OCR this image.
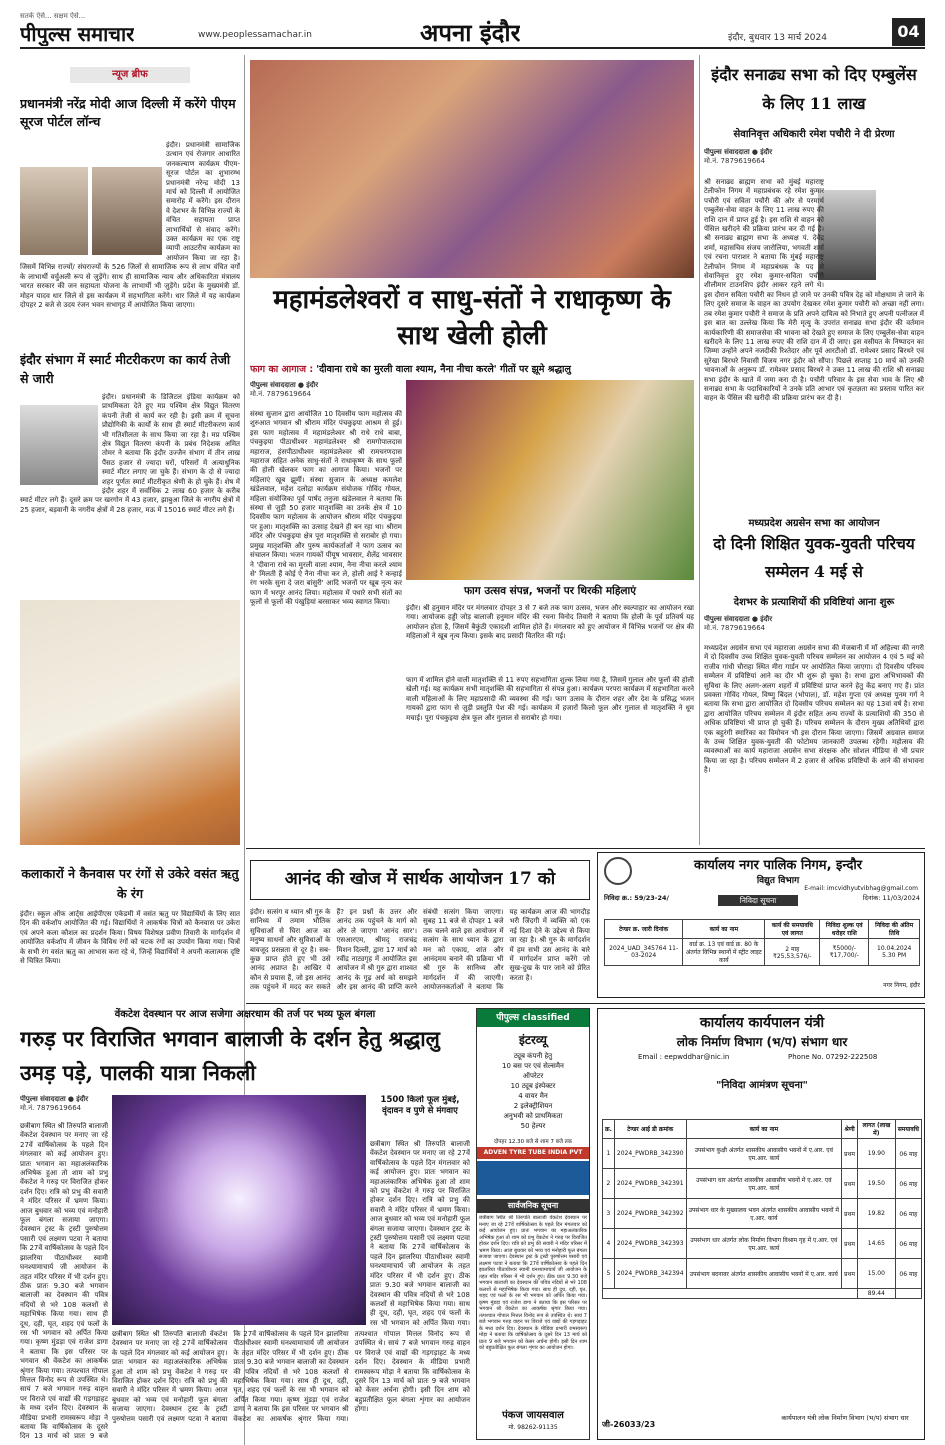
सतर्क ऐसे... सक्षम ऐसे...
पीपुल्स समाचार	www.peoplessamachar.in	अपना इंदौर	इंदौर, बुधवार 13 मार्च 2024	04
न्यूज ब्रीफ
प्रधानमंत्री नरेंद्र मोदी आज दिल्ली में करेंगे पीएम सूरज पोर्टल लॉन्च
इंदौर। प्रधानमंत्री सामाजिक उत्थान एवं रोजगार आधारित जनकल्याण कार्यक्रम पीएम-सूरज पोर्टल का शुभारम्भ प्रधानमंत्री नरेन्द्र मोदी 13 मार्च को दिल्ली में आयोजित समारोह में करेंगे। इस दौरान वे देशभर के विभिन्न राज्यों के वंचित सहायता प्राप्त लाभार्थियों से संवाद करेंगे। उक्त कार्यक्रम का एक राष्ट्र व्यापी आउटरीच कार्यक्रम का आयोजन किया जा रहा है। जिसमें विभिन्न राज्यों/ संघराज्यों के 526 जिलों से सामाजिक रूप से लाभ वंचित वर्गों के लाभार्थी वर्चुअली रूप से जुड़ेंगे। साथ ही सामाजिक न्याय और अधिकारिता मंत्रालय भारत सरकार की जन सहायता योजना के लाभार्थी भी जुड़ेंगे। प्रदेश के मुख्यमंत्री डॉ. मोहन यादव धार जिले से इस कार्यक्रम में सहभागिता करेंगे। धार जिले में यह कार्यक्रम दोपहर 2 बजे से उदय रंजन भवन सभागृह में आयोजित किया जाएगा।
इंदौर संभाग में स्मार्ट मीटरीकरण का कार्य तेजी से जारी
इंदौर। प्रधानमंत्री के डिजिटल इंडिया कार्यक्रम को प्राथमिकता देते हुए मप्र पश्चिम क्षेत्र विद्युत वितरण कंपनी तेजी से कार्य कर रही है। इसी क्रम में सूचना प्रौद्योगिकी के कार्यों के साथ ही स्मार्ट मीटरीकरण कार्य भी गतिशीलता के साथ किया जा रहा है। मप्र पश्चिम क्षेत्र विद्युत वितरण कंपनी के प्रबंध निदेशक अमित तोमर ने बताया कि इंदौर उज्जैन संभाग में तीन लाख पैंसठ हजार से ज्यादा घरों, परिसरों में अत्याधुनिक स्मार्ट मीटर लगाए जा चुके हैं। संभाग के दो से ज्यादा शहर पूर्णतः स्मार्ट मीटरीकृत श्रेणी के हो चुके हैं। शेष में इंदौर शहर में सर्वाधिक 2 लाख 60 हजार के करीब स्मार्ट मीटर लगे हैं। दूसरे क्रम पर खरगोन में 43 हजार, झाबुआ जिले के नगरीय क्षेत्रों में 25 हजार, बड़वानी के नगरीय क्षेत्रों में 28 हजार, मऊ में 15016 स्मार्ट मीटर लगे हैं।
कलाकारों ने कैनवास पर रंगों से उकेरे वसंत ऋतु के रंग
इंदौर। स्कूल ऑफ आर्ट्स आईपीएस एकेडमी में वसंत ऋतु पर विद्यार्थियों के लिए सात दिन की वर्कशॉप आयोजित की गई। विद्यार्थियों ने आकर्षक चित्रों को कैनवास पर उकेरा एवं अपने कला कौशल का प्रदर्शन किया। विषय विशेषज्ञ प्रवीण तिवारी के मार्गदर्शन में आयोजित वर्कशॉप में जीवन के विविध रंगों को चटक रंगों का उपयोग किया गया। चित्रों के सभी रंग वसंत ऋतु का आभास करा रहे थे, जिन्हें विद्यार्थियों ने अपनी कलात्मक दृष्टि से चित्रित किया।
महामंडलेश्वरों व साधु-संतों ने राधाकृष्ण के साथ खेली होली
फाग का आगाज : 'दीवाना राधे का मुरली वाला श्याम, नैना नीचा करले' गीतों पर झूमे श्रद्धालु
पीपुल्स संवाददाता ● इंदौर
मो.नं. 7879619664
संस्था सुजान द्वारा आयोजित 10 दिवसीय फाग महोत्सव की शुरुआत भगवान श्री श्रीराम मंदिर पंचकुइया आश्रम से हुई। इस फाग महोत्सव में महामंडलेश्वर श्री राधे राधे बाबा, पंचकुइया पीठाधीश्वर महामंडलेश्वर श्री रामगोपालदास महाराज, हंसपीठाधीश्वर महामंडलेश्वर श्री रामचरणदास महाराज सहित अनेक साधु-संतों ने राधाकृष्ण के साथ फूलों की होली खेलकर फाग का आगाज किया। भजनों पर महिलाएं खूब झूमीं। संस्था सुजान के अध्यक्ष कमलेश खंडेलवाल, महेश दलोद्रा कार्यक्रम संयोजक गोविंद गोयल, महिला संयोजिका पूर्व पार्षद तनुजा खंडेलवाल ने बताया कि संस्था से जुड़ी 50 हजार मातृशक्ति का उनके क्षेत्र में 10 दिवसीय फाग महोत्सव के आयोजन श्रीराम मंदिर पंचकुइया पर हुआ। मातृशक्ति का उत्साह देखने ही बन रहा था। श्रीराम मंदिर और पंचकुइया क्षेत्र पूरा मातृशक्ति से सराबोर हो गया। प्रमुख मातृशक्ति और पुरुष कार्यकर्ताओं ने फाग उत्सव का संचालन किया। भजन गायकों पीयूष भावसार, शैलेंद्र भावसार ने 'दीवाना राधे का मुरली वाला श्याम, नैना नीचा करले श्याम से' मिलती हैं कोई ऐ नैना नीचा कर ले, होली आई रे कन्हाई रंग भरके सुना दे जरा बांसुरी' आदि भजनों पर खूब नृत्य कर फाग में भरपूर आनंद लिया। महोत्सव में पधारे सभी संतों का फूलों से फूलों की पंखुड़ियां बरसाकर भव्य स्वागत किया।
फाग उत्सव संपन्न, भजनों पर थिरकी महिलाएं
इंदौर। श्री हनुमान मंदिर पर मंगलवार दोपहर 3 से 7 बजे तक फाग उत्सव, भजन और स्वल्पाहार का आयोजन रखा गया। आयोजक हड्डी जोड़ बालाजी हनुमान मंदिर की रचना विनोद तिवारी ने बताया कि होली के पूर्व प्रतिवर्ष यह आयोजन होता है, जिसमें बैकुंठी एकादशी शामिल होते हैं। मंगलवार को हुए आयोजन में विभिन्न भजनों पर क्षेत्र की महिलाओं ने खूब नृत्य किया। इसके बाद प्रसादी वितरित की गई।
फाग में शामिल होने वाली मातृशक्ति से 11 रुपए सहभागिता शुल्क लिया गया है, जिसमें गुलाल और फूलों की होली खेली गई। यह कार्यक्रम सभी मातृशक्ति की सहभागिता से संपन्न हुआ। कार्यक्रम परपरा कार्यक्रम में सहभागिता करने वाली महिलाओं के लिए महाप्रसादी की व्यवस्था की गई। फाग उत्सव के दौरान शहर और देश के प्रसिद्ध भजन गायकों द्वारा फाग से जुड़ी प्रस्तुति पेश की गई। कार्यक्रम में हजारों किलो फूल और गुलाल से मातृशक्ति ने धूम मचाई। पूरा पंचकुइया क्षेत्र फूल और गुलाल से सराबोर हो गया।
इंदौर सनाढ्य सभा को दिए एम्बुलेंस के लिए 11 लाख
सेवानिवृत्त अधिकारी रमेश पचौरी ने दी प्रेरणा
पीपुल्स संवाददाता ● इंदौर
मो.नं. 7879619664
श्री सनाढ्य ब्राह्मण सभा को मुंबई महाराष्ट्र टेलीफोन निगम में महाप्रबंधक रहे रमेश कुमार पचौरी एवं सविता पचौरी की ओर से परमार्थ एम्बुलेंस-सेवा वाहन के लिए 11 लाख रुपए की राशि दान में प्राप्त हुई है। इस राशि से वाहन को पेंसिल खरीदने की प्रक्रिया प्रारंभ कर दी गई है। श्री सनाढ्य ब्राह्मण सभा के अध्यक्ष पं. देवेंद्र शर्मा, महासचिव संजय जारोलिया, भगवती शर्मा एवं रचना पाराशर ने बताया कि मुंबई महाराष्ट्र टेलीफोन निगम में महाप्रबंधक के पद से सेवानिवृत्त हुए रमेश कुमार-सविता पचौरी शीलीमार टाउनशिप इंदौर आकर रहने लगे थे। इस दौरान सविता पचौरी का निधन हो जाने पर उनकी पवित्र देह को मोक्षधाम ले जाने के लिए दूसरे समाज के वाहन का उपयोग देखकर रमेश कुमार पचौरी को अच्छा नहीं लगा। तब रमेश कुमार पचौरी ने समाज के प्रति अपने दायित्व को निभाते हुए अपनी पत्नीजल में इस बात का उल्लेख किया कि मेरी मृत्यु के उपरांत सनाढ्य सभा इंदौर की वर्तमान कार्यकारिणी की समाजसेवा की भावना को देखते हुए समाज के लिए एम्बुलेंस-सेवा वाहन खरीदने के लिए 11 लाख रुपए की राशि दान में दी जाए। इस वसीयत के निष्पादन का जिम्मा उन्होंने अपने नजदीकी रिश्तेदार और पूर्व आरटीओ डॉ. रामेश्वर प्रसाद बिरथरे एवं सुरेखा बिरथरे निवासी विजय नगर इंदौर को सौंपा। पिछले सप्ताह 10 मार्च को उनकी भावनाओं के अनुरूप डॉ. रामेश्वर प्रसाद बिरथरे ने उक्त 11 लाख की राशि श्री सनाढ्य सभा इंदौर के खाते में जमा करा दी है। पचौरी परिवार के इस सेवा भाव के लिए श्री सनाढ्य सभा के पदाधिकारियों ने उनके प्रति आभार एवं कृतज्ञता का प्रस्ताव पारित कर वाहन के पेंसिल की खरीदी की प्रक्रिया प्रारंभ कर दी है।
मध्यप्रदेश अग्रसेन सभा का आयोजन
दो दिनी शिक्षित युवक-युवती परिचय सम्मेलन 4 मई से
देशभर के प्रत्याशियों की प्रविष्टियां आना शुरू
पीपुल्स संवाददाता ● इंदौर
मो.नं. 7879619664
मध्यप्रदेश अग्रसेन सभा एवं महाराजा अग्रसेन सभा की मेजबानी में माँ अहिल्या की नगरी में दो दिवसीय उच्च शिक्षित युवक-युवती परिचय सम्मेलन का आयोजन 4 एवं 5 मई को राजीव गांधी चौराहा स्थित मीरा गार्डन पर आयोजित किया जाएगा। दो दिवसीय परिचय सम्मेलन में प्रविष्टियां आने का दौर भी शुरू हो चुका है। सभा द्वारा अभिभावकों की सुविधा के लिए अलग-अलग शहरों में प्रविष्टियां प्राप्त करने हेतु केंद्र बनाए गए हैं। प्रांत प्रवक्ता गोविंद गोयल, विष्णु बिंदल (भोपाल), डॉ. महेश गुप्ता एवं अध्यक्ष पूनम गर्ग ने बताया कि सभा द्वारा आयोजित दो दिवसीय परिचय सम्मेलन का यह 13वां वर्ष है। सभा द्वारा आयोजित परिचय सम्मेलन में इंदौर सहित अन्य राज्यों के प्रत्याशियों की 350 से अधिक प्रविष्टियां भी प्राप्त हो चुकी हैं। परिचय सम्मेलन के दौरान मुख्य अतिथियों द्वारा एक बहुरंगी स्मारिका का विमोचन भी इस दौरान किया जाएगा। जिसमें अग्रवाल समाज के उच्च शिक्षित युवक-युवती की फोटोमय जानकारी उपलब्ध रहेगी। महोत्सव की व्यवस्थाओं का कार्य महाराजा अग्रसेन सभा संरक्षक और सोशल मीडिया से भी प्रचार किया जा रहा है। परिचय सम्मेलन में 2 हजार से अधिक प्रविष्टियों के आने की संभावना है।
आनंद की खोज में सार्थक आयोजन 17 को
इंदौर। सत्संग व ध्यान श्री गुरु के सानिध्य में तमाम भौतिक सुविधाओं से घिरा आज का मनुष्य साधनों और सुविधाओं के बावजूद प्रसन्नता से दूर है। सब-कुछ प्राप्त होते हुए भी उसे आनंद अप्राप्त है। आखिर ये कौन से प्रयास हैं, जो इस आनंद तक पहुंचने में मदद कर सकते हैं? इन प्रश्नों के उत्तर और आनंद तक पहुंचने के मार्ग को ओर ले जाएगा 'आनंद सार'। एसआरएम, श्रीमद् राजचंद्र मिशन दिल्ली, द्वारा 17 मार्च को रवींद्र नाट्यगृह में आयोजित इस आयोजन में श्री गुरु द्वारा शाश्वत आनंद के गूढ़ अर्थ को समझने और इस आनंद की प्राप्ति करने संबंधी सत्संग किया जाएगा। सुबह 11 बजे से दोपहर 1 बजे तक चलने वाले इस आयोजन में सत्संग के साथ ध्यान के द्वारा मन को एकाग्र, शांत और आनंदमय बनाने की प्रक्रिया भी श्री गुरु के सानिध्य और मार्गदर्शन में की जाएगी। आयोजनकर्ताओं ने बताया कि यह कार्यक्रम आज की भागदौड़ भरी जिंदगी में व्यक्ति को एक नई दिशा देने के उद्देश्य से किया जा रहा है। श्री गुरु के मार्गदर्शन में हम सभी उस आनंद के बारे में मार्गदर्शन प्राप्त करेंगे जो सुख-दुख के पार जाने को प्रेरित करता है।
कार्यालय नगर पालिक निगम, इन्दौर
विद्युत विभाग
E-mail: imcvidhyutvibhag@gmail.com
निविदा क्र.: 59/23-24/	निविदा सूचना	दिनांक: 11/03/2024
टेण्डर क्र. जारी दिनांक	कार्य का नाम	कार्य की समयावधि एवं लागत	निविदा शुल्क एवं धरोहर राशि	निविदा की अंतिम तिथि
2024_UAD_345764 11-03-2024	वार्ड क्र. 13 एवं वार्ड क्र. 80 के अंतर्गत विभिन्न स्थानों में स्ट्रीट लाइट कार्य	2 माह ₹25,53,576/-	₹5000/- ₹17,700/-	10.04.2024 5.30 PM
नगर निगम, इंदौर
वेंकटेश देवस्थान पर आज सजेगा अक्षरधाम की तर्ज पर भव्य फूल बंगला
गरुड़ पर विराजित भगवान बालाजी के दर्शन हेतु श्रद्धालु उमड़ पड़े, पालकी यात्रा निकली
पीपुल्स संवाददाता ● इंदौर
मो.नं. 7879619664
छत्रीबाग स्थित श्री तिरुपति बालाजी वेंकटेश देवस्थान पर मनाए जा रहे 27वें वार्षिकोत्सव के पहले दिन मंगलवार को कई आयोजन हुए। प्रातः भगवान का महाअलंकारिक अभिषेक हुआ तो शाम को प्रभु वेंकटेश ने गरुड़ पर विराजित होकर दर्शन दिए। रात्रि को प्रभु की सवारी ने मंदिर परिसर में भ्रमण किया। आज बुधवार को भव्य एवं मनोहारी फूल बंगला सजाया जाएगा। देवस्थान ट्रस्ट के ट्रस्टी पुरुषोत्तम पसारी एवं लक्ष्मण पटवा ने बताया कि 27वें वार्षिकोत्सव के पहले दिन झालरिया पीठाधीश्वर स्वामी घनश्यामाचार्य जी आयोजन के तहत मंदिर परिसर में भी दर्शन हुए। ठीक प्रातः 9.30 बजे भगवान बालाजी का देवस्थान की पवित्र नदियों से भरे 108 कलशों से महाभिषेक किया गया। साथ ही दूध, दही, घृत, शहद एवं फलों के रस भी भगवान को अर्पित किया गया। कृष्ण मुंडड़ा एवं राजेश डागा ने बताया कि इस परिसर पर भगवान श्री वेंकटेश का आकर्षक श्रृंगार किया गया। तत्पश्चात गोपाल मित्तल विनोद रूप से उपस्थित थे। सायं 7 बजे भगवान गरुड़ वाहन पर विराजे एवं वाद्यों की गड़गड़ाहट के मध्य दर्शन दिए। देवस्थान के मीडिया प्रभारी रामस्वरूप मोड़ा ने बताया कि वार्षिकोत्सव के दूसरे दिन 13 मार्च को प्रातः 9 बजे
1500 किलो फूल मुंबई, वृंदावन व पुणे से मंगवाए
छत्रीबाग स्थित श्री तिरुपति बालाजी वेंकटेश देवस्थान पर मनाए जा रहे 27वें वार्षिकोत्सव के पहले दिन मंगलवार को कई आयोजन हुए। प्रातः भगवान का महाअलंकारिक अभिषेक हुआ तो शाम को प्रभु वेंकटेश ने गरुड़ पर विराजित होकर दर्शन दिए। रात्रि को प्रभु की सवारी ने मंदिर परिसर में भ्रमण किया। आज बुधवार को भव्य एवं मनोहारी फूल बंगला सजाया जाएगा। देवस्थान ट्रस्ट के ट्रस्टी पुरुषोत्तम पसारी एवं लक्ष्मण पटवा ने बताया कि 27वें वार्षिकोत्सव के पहले दिन झालरिया पीठाधीश्वर स्वामी घनश्यामाचार्य जी आयोजन के तहत मंदिर परिसर में भी दर्शन हुए। ठीक प्रातः 9.30 बजे भगवान बालाजी का देवस्थान की पवित्र नदियों से भरे 108 कलशों से महाभिषेक किया गया। साथ ही दूध, दही, घृत, शहद एवं फलों के रस भी भगवान को अर्पित किया गया। कृष्ण मुंडड़ा एवं राजेश डागा ने बताया कि इस परिसर पर भगवान श्री वेंकटेश का आकर्षक श्रृंगार किया गया। तत्पश्चात गोपाल मित्तल विनोद रूप से उपस्थित थे। सायं 7 बजे भगवान गरुड़ वाहन पर विराजे एवं वाद्यों की गड़गड़ाहट के मध्य दर्शन दिए। देवस्थान के मीडिया प्रभारी रामस्वरूप मोड़ा ने बताया कि वार्षिकोत्सव के दूसरे दिन 13 मार्च को प्रातः 9 बजे भगवान को केसर अर्चना होगी। इसी दिन शाम को बहुप्रतीक्षित फूल बंगला शृंगार का आयोजन होगा।
छत्रीबाग स्थित श्री तिरुपति बालाजी वेंकटेश देवस्थान पर मनाए जा रहे 27वें वार्षिकोत्सव के पहले दिन मंगलवार को कई आयोजन हुए। प्रातः भगवान का महाअलंकारिक अभिषेक हुआ तो शाम को प्रभु वेंकटेश ने गरुड़ पर विराजित होकर दर्शन दिए। रात्रि को प्रभु की सवारी ने मंदिर परिसर में भ्रमण किया। आज बुधवार को भव्य एवं मनोहारी फूल बंगला सजाया जाएगा। देवस्थान ट्रस्ट के ट्रस्टी पुरुषोत्तम पसारी एवं लक्ष्मण पटवा ने बताया कि 27वें वार्षिकोत्सव के पहले दिन झालरिया पीठाधीश्वर स्वामी घनश्यामाचार्य जी आयोजन के तहत मंदिर परिसर में भी दर्शन हुए। ठीक प्रातः 9.30 बजे भगवान बालाजी का देवस्थान की पवित्र नदियों से भरे 108 कलशों से महाभिषेक किया गया। साथ ही दूध, दही, घृत, शहद एवं फलों के रस भी भगवान को अर्पित किया गया।
पीपुल्स classified
इंटरव्यू
ट्यूब कंपनी हेतु
10 बस पर एवं सेल्समैन
ऑपरेटर
10 ट्यूब इंस्पेक्टर
4 वायर मैन
2 इलेक्ट्रीशियन
अनुभवी को प्राथमिकता
50 हेल्पर
दोपहर 12.30 बजे से शाम 7 बजे तक
ADVEN TYRE TUBE INDIA PVT
सार्वजनिक सूचना
छत्रीबाग स्थित श्री तिरुपति बालाजी वेंकटेश देवस्थान पर मनाए जा रहे 27वें वार्षिकोत्सव के पहले दिन मंगलवार को कई आयोजन हुए। प्रातः भगवान का महाअलंकारिक अभिषेक हुआ तो शाम को प्रभु वेंकटेश ने गरुड़ पर विराजित होकर दर्शन दिए। रात्रि को प्रभु की सवारी ने मंदिर परिसर में भ्रमण किया। आज बुधवार को भव्य एवं मनोहारी फूल बंगला सजाया जाएगा। देवस्थान ट्रस्ट के ट्रस्टी पुरुषोत्तम पसारी एवं लक्ष्मण पटवा ने बताया कि 27वें वार्षिकोत्सव के पहले दिन झालरिया पीठाधीश्वर स्वामी घनश्यामाचार्य जी आयोजन के तहत मंदिर परिसर में भी दर्शन हुए। ठीक प्रातः 9.30 बजे भगवान बालाजी का देवस्थान की पवित्र नदियों से भरे 108 कलशों से महाभिषेक किया गया। साथ ही दूध, दही, घृत, शहद एवं फलों के रस भी भगवान को अर्पित किया गया। कृष्ण मुंडड़ा एवं राजेश डागा ने बताया कि इस परिसर पर भगवान श्री वेंकटेश का आकर्षक श्रृंगार किया गया। तत्पश्चात गोपाल मित्तल विनोद रूप से उपस्थित थे। सायं 7 बजे भगवान गरुड़ वाहन पर विराजे एवं वाद्यों की गड़गड़ाहट के मध्य दर्शन दिए। देवस्थान के मीडिया प्रभारी रामस्वरूप मोड़ा ने बताया कि वार्षिकोत्सव के दूसरे दिन 13 मार्च को प्रातः 9 बजे भगवान को केसर अर्चना होगी। इसी दिन शाम को बहुप्रतीक्षित फूल बंगला शृंगार का आयोजन होगा।
पंकज जायसवाल
मो. 98262-91135
कार्यालय कार्यपालन यंत्री
लोक निर्माण विभाग (भ/प) संभाग धार
Email : eepwddhar@nic.in	Phone No. 07292-222508
"निविदा आमंत्रण सूचना"
क्र.	टेण्डर आई डी क्रमांक	कार्य का नाम	श्रेणी	लागत (लाख में)	समयावधि
1	2024_PWDRB_342390	उपसंभाग कुक्षी अंतर्गत शासकीय आवासीय भवनों में ए.आर. एवं एम.आर. कार्य	प्रथम	19.90	06 माह
2	2024_PWDRB_342391	उपसंभाग धार अंतर्गत शासकीय आवासीय भवनों में ए.आर. एवं एम.आर. कार्य	प्रथम	19.50	06 माह
3	2024_PWDRB_342392	उपसंभाग धार के मुख्यालय भवन अंतर्गत शासकीय आवासीय भवनों में ए.आर. कार्य	प्रथम	19.82	06 माह
4	2024_PWDRB_342393	उपसंभाग धार अंतर्गत लोक निर्माण विभाग विश्राम गृह में ए.आर. एवं एम.आर. कार्य	प्रथम	14.65	06 माह
5	2024_PWDRB_342394	उपसंभाग बदनावर अंतर्गत शासकीय आवासीय भवनों में ए.आर. कार्य	प्रथम	15.00	06 माह
				89.44	
जी-26033/23
कार्यपालन यंत्री लोक निर्माण विभाग (भ/प) संभाग धार
